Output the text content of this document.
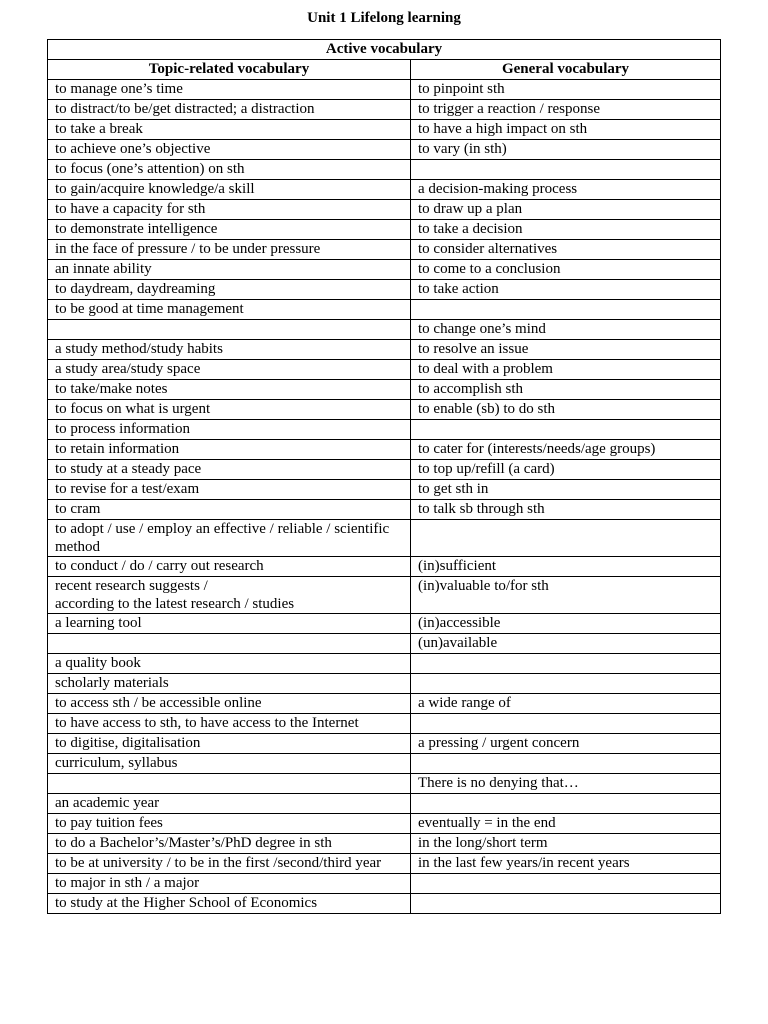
Unit 1 Lifelong learning
Active vocabulary	
Topic-related vocabulary	General vocabulary
to manage one’s time	to pinpoint sth
to distract/to be/get distracted; a distraction	to trigger a reaction / response
to take a break	to have a high impact on sth
to achieve one’s objective	to vary (in sth)
to focus (one’s attention) on sth	
to gain/acquire knowledge/a skill	a decision-making process
to have a capacity for sth	to draw up a plan
to demonstrate intelligence	to take a decision
in the face of pressure / to be under pressure	to consider alternatives
an innate ability	to come to a conclusion
to daydream, daydreaming	to take action
to be good at time management	
	to change one’s mind
a study method/study habits	to resolve an issue
a study area/study space	to deal with a problem
to take/make notes	to accomplish sth
to focus on what is urgent	to enable (sb) to do sth
to process information	
to retain information	to cater for (interests/needs/age groups)
to study at a steady pace	to top up/refill (a card)
to revise for a test/exam	to get sth in
to cram	to talk sb through sth
to adopt / use / employ an effective / reliable / scientific method	
to conduct / do / carry out research	(in)sufficient
recent research suggests /
according to the latest research / studies	(in)valuable to/for sth
a learning tool	(in)accessible
	(un)available
a quality book	
scholarly materials	
to access sth / be accessible online	a wide range of
to have access to sth, to have access to the Internet	
to digitise, digitalisation	a pressing / urgent concern
curriculum, syllabus	
	There is no denying that…
an academic year	
to pay tuition fees	eventually = in the end
to do a Bachelor’s/Master’s/PhD degree in sth	in the long/short term
to be at university / to be in the first /second/third year	in the last few years/in recent years
to major in sth / a major	
to study at the Higher School of Economics	
